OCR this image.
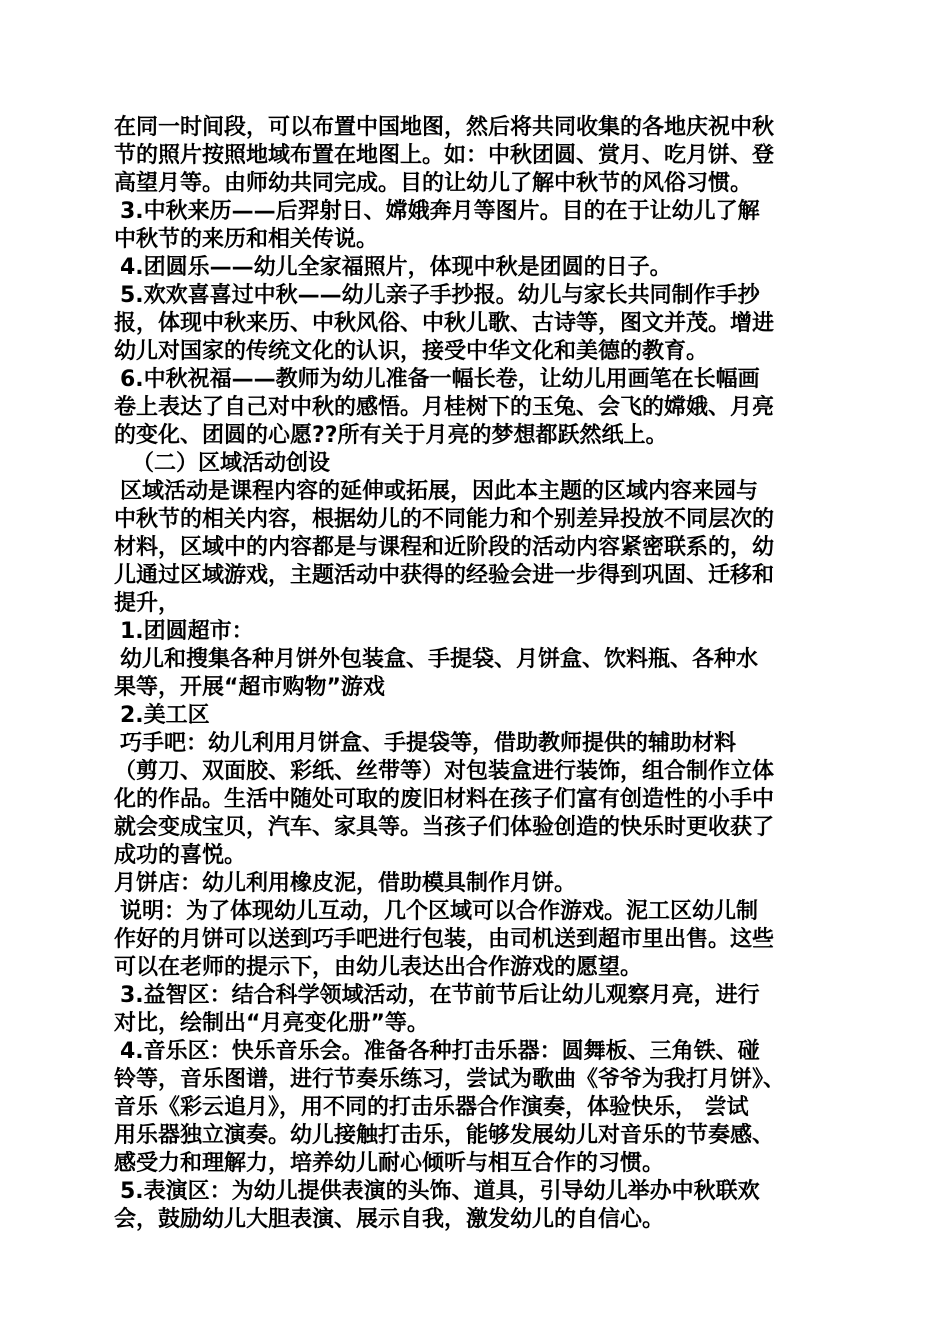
在同一时间段，可以布置中国地图，然后将共同收集的各地庆祝中秋
节的照片按照地域布置在地图上。如：中秋团圆、赏月、吃月饼、登
高望月等。由师幼共同完成。目的让幼儿了解中秋节的风俗习惯。
3.中秋来历——后羿射日、嫦娥奔月等图片。目的在于让幼儿了解
中秋节的来历和相关传说。
4.团圆乐——幼儿全家福照片，体现中秋是团圆的日子。
5.欢欢喜喜过中秋——幼儿亲子手抄报。幼儿与家长共同制作手抄
报，体现中秋来历、中秋风俗、中秋儿歌、古诗等，图文并茂。增进
幼儿对国家的传统文化的认识，接受中华文化和美德的教育。
6.中秋祝福——教师为幼儿准备一幅长卷，让幼儿用画笔在长幅画
卷上表达了自己对中秋的感悟。月桂树下的玉兔、会飞的嫦娥、月亮
的变化、团圆的心愿??所有关于月亮的梦想都跃然纸上。
（二）区域活动创设
区域活动是课程内容的延伸或拓展，因此本主题的区域内容来园与
中秋节的相关内容，根据幼儿的不同能力和个别差异投放不同层次的
材料，区域中的内容都是与课程和近阶段的活动内容紧密联系的，幼
儿通过区域游戏，主题活动中获得的经验会进一步得到巩固、迁移和
提升，
1.团圆超市：
幼儿和搜集各种月饼外包装盒、手提袋、月饼盒、饮料瓶、各种水
果等，开展“超市购物”游戏
2.美工区
巧手吧：幼儿利用月饼盒、手提袋等，借助教师提供的辅助材料
（剪刀、双面胶、彩纸、丝带等）对包装盒进行装饰，组合制作立体
化的作品。生活中随处可取的废旧材料在孩子们富有创造性的小手中
就会变成宝贝，汽车、家具等。当孩子们体验创造的快乐时更收获了
成功的喜悦。
月饼店：幼儿利用橡皮泥，借助模具制作月饼。
说明：为了体现幼儿互动，几个区域可以合作游戏。泥工区幼儿制
作好的月饼可以送到巧手吧进行包装，由司机送到超市里出售。这些
可以在老师的提示下，由幼儿表达出合作游戏的愿望。
3.益智区：结合科学领域活动，在节前节后让幼儿观察月亮，进行
对比，绘制出“月亮变化册”等。
4.音乐区：快乐音乐会。准备各种打击乐器：圆舞板、三角铁、碰
铃等，音乐图谱，进行节奏乐练习，尝试为歌曲《爷爷为我打月饼》、
音乐《彩云追月》，用不同的打击乐器合作演奏，体验快乐， 尝试
用乐器独立演奏。幼儿接触打击乐，能够发展幼儿对音乐的节奏感、
感受力和理解力，培养幼儿耐心倾听与相互合作的习惯。
5.表演区：为幼儿提供表演的头饰、道具，引导幼儿举办中秋联欢
会，鼓励幼儿大胆表演、展示自我，激发幼儿的自信心。
